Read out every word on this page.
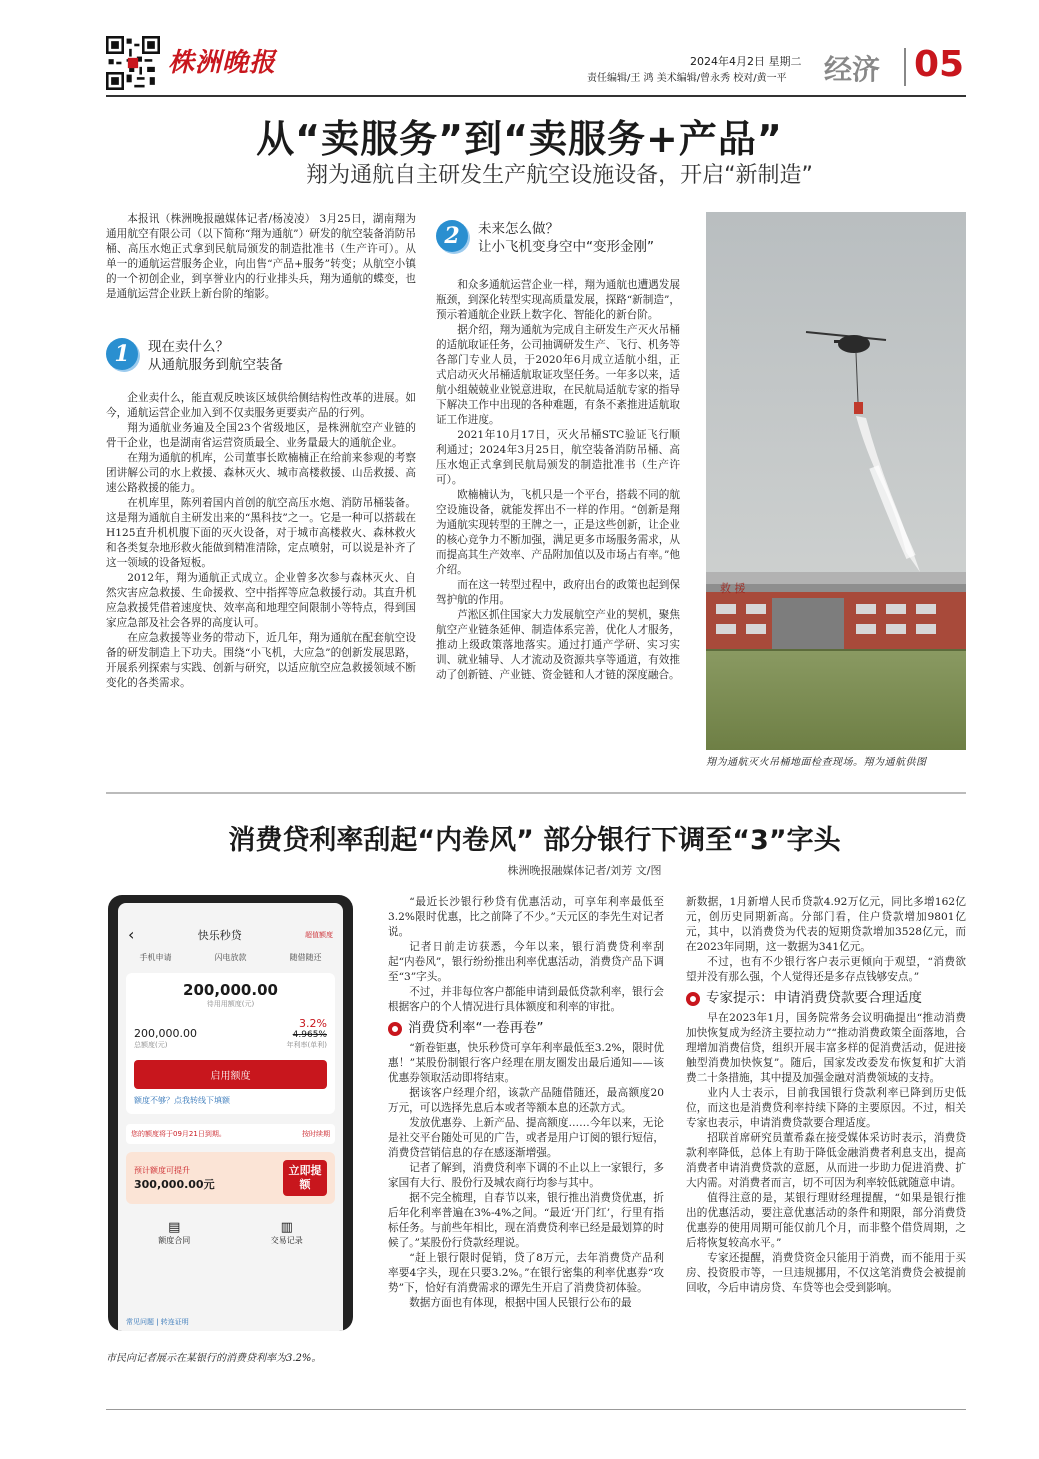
株洲晚报	2024年4月2日 星期二
责任编辑/王 鸿 美术编辑/曾永秀 校对/黄一平 经济 05
从“卖服务”到“卖服务+产品”
翔为通航自主研发生产航空设施设备，开启“新制造”

本报讯（株洲晚报融媒体记者/杨凌凌） 3月25日，湖南翔为通用航空有限公司（以下简称“翔为通航”）研发的航空装备消防吊桶、高压水炮正式拿到民航局颁发的制造批准书（生产许可）。从单一的通航运营服务企业，向出售“产品+服务”转变；从航空小镇的一个初创企业，到享誉业内的行业排头兵，翔为通航的蝶变，也是通航运营企业跃上新台阶的缩影。

1	现在卖什么？
从通航服务到航空装备

企业卖什么，能直观反映该区域供给侧结构性改革的进展。如今，通航运营企业加入到不仅卖服务更要卖产品的行列。

翔为通航业务遍及全国23个省级地区，是株洲航空产业链的骨干企业，也是湖南省运营资质最全、业务量最大的通航企业。

在翔为通航的机库，公司董事长欧楠楠正在给前来参观的考察团讲解公司的水上救援、森林灭火、城市高楼救援、山岳救援、高速公路救援的能力。

在机库里，陈列着国内首创的航空高压水炮、消防吊桶装备。这是翔为通航自主研发出来的“黑科技”之一。它是一种可以搭载在H125直升机机腹下面的灭火设备，对于城市高楼救火、森林救火和各类复杂地形救火能做到精准清除，定点喷射，可以说是补齐了这一领域的设备短板。

2012年，翔为通航正式成立。企业曾多次参与森林灭火、自然灾害应急救援、生命援救、空中指挥等应急救援行动。其直升机应急救援凭借着速度快、效率高和地理空间限制小等特点，得到国家应急部及社会各界的高度认可。

在应急救援等业务的带动下，近几年，翔为通航在配套航空设备的研发制造上下功夫。围绕“小飞机，大应急”的创新发展思路，开展系列探索与实践、创新与研究，以适应航空应急救援领域不断变化的各类需求。

2	未来怎么做？
让小飞机变身空中“变形金刚”

和众多通航运营企业一样，翔为通航也遭遇发展瓶颈，到深化转型实现高质量发展，探路“新制造”，预示着通航企业跃上数字化、智能化的新台阶。

据介绍，翔为通航为完成自主研发生产灭火吊桶的适航取证任务，公司抽调研发生产、飞行、机务等各部门专业人员，于2020年6月成立适航小组，正式启动灭火吊桶适航取证攻坚任务。一年多以来，适航小组兢兢业业锐意进取，在民航局适航专家的指导下解决工作中出现的各种难题，有条不紊推进适航取证工作进度。

2021年10月17日，灭火吊桶STC验证飞行顺利通过；2024年3月25日，航空装备消防吊桶、高压水炮正式拿到民航局颁发的制造批准书（生产许可）。

欧楠楠认为，飞机只是一个平台，搭载不同的航空设施设备，就能发挥出不一样的作用。“创新是翔为通航实现转型的王牌之一，正是这些创新，让企业的核心竞争力不断加强，满足更多市场服务需求，从而提高其生产效率、产品附加值以及市场占有率。”他介绍。

而在这一转型过程中，政府出台的政策也起到保驾护航的作用。

芦淞区抓住国家大力发展航空产业的契机，聚焦航空产业链条延伸、制造体系完善，优化人才服务，推动上级政策落地落实。通过打通产学研、实习实训、就业辅导、人才流动及资源共享等通道，有效推动了创新链、产业链、资金链和人才链的深度融合。

救 援
翔为通航灭火吊桶地面检查现场。翔为通航供图
消费贷利率刮起“内卷风” 部分银行下调至“3”字头
株洲晚报融媒体记者/刘芳 文/图
‹	快乐秒贷	超值额度
手机申请	闪电放款	随借随还
200,000.00
待用用额度(元)
200,000.00
总额度(元)
3.2%
4.965%
年利率(单利)
启用额度
额度不够？点我转线下填额
您的额度将于09月21日到期。	按时续期
预计额度可提升
300,000.00元
立即提额
▤
额度合同
▥
交易记录
常见问题 | 转连证明
市民向记者展示在某银行的消费贷利率为3.2%。

“最近长沙银行秒贷有优惠活动，可享年利率最低至3.2%限时优惠，比之前降了不少。”天元区的李先生对记者说。

记者日前走访获悉，今年以来，银行消费贷利率刮起“内卷风”，银行纷纷推出利率优惠活动，消费贷产品下调至“3”字头。

不过，并非每位客户都能申请到最低贷款利率，银行会根据客户的个人情况进行具体额度和利率的审批。

消费贷利率“一卷再卷”

“新卷钜惠，快乐秒贷可享年利率最低至3.2%，限时优惠！”某股份制银行客户经理在朋友圈发出最后通知——该优惠券领取活动即将结束。

据该客户经理介绍，该款产品随借随还，最高额度20万元，可以选择先息后本或者等额本息的还款方式。

发放优惠券、上新产品、提高额度……今年以来，无论是社交平台随处可见的广告，或者是用户订阅的银行短信，消费贷营销信息的存在感逐渐增强。

记者了解到，消费贷利率下调的不止以上一家银行，多家国有大行、股份行及城农商行均参与其中。

据不完全梳理，自春节以来，银行推出消费贷优惠，折后年化利率普遍在3%-4%之间。“最近‘开门红’，行里有指标任务。与前些年相比，现在消费贷利率已经是最划算的时候了。”某股份行贷款经理说。

“赶上银行限时促销，贷了8万元，去年消费贷产品利率要4字头，现在只要3.2%。”在银行密集的利率优惠券“攻势”下，恰好有消费需求的谭先生开启了消费贷初体验。

数据方面也有体现，根据中国人民银行公布的最

新数据，1月新增人民币贷款4.92万亿元，同比多增162亿元，创历史同期新高。分部门看，住户贷款增加9801亿元，其中，以消费贷为代表的短期贷款增加3528亿元，而在2023年同期，这一数据为341亿元。

不过，也有不少银行客户表示更倾向于观望，“消费欲望并没有那么强，个人觉得还是多存点钱够安点。”

专家提示：申请消费贷款要合理适度

早在2023年1月，国务院常务会议明确提出“推动消费加快恢复成为经济主要拉动力”“推动消费政策全面落地，合理增加消费信贷，组织开展丰富多样的促消费活动，促进接触型消费加快恢复”。随后，国家发改委发布恢复和扩大消费二十条措施，其中提及加强金融对消费领域的支持。

业内人士表示，目前我国银行贷款利率已降到历史低位，而这也是消费贷利率持续下降的主要原因。不过，相关专家也表示，申请消费贷款要合理适度。

招联首席研究员董希淼在接受媒体采访时表示，消费贷款利率降低，总体上有助于降低金融消费者利息支出，提高消费者申请消费贷款的意愿，从而进一步助力促进消费、扩大内需。对消费者而言，切不可因为利率较低就随意申请。

值得注意的是，某银行理财经理提醒，“如果是银行推出的优惠活动，要注意优惠活动的条件和期限，部分消费贷优惠券的使用周期可能仅前几个月，而非整个借贷周期，之后将恢复较高水平。”

专家还提醒，消费贷资金只能用于消费，而不能用于买房、投资股市等，一旦违规挪用，不仅这笔消费贷会被提前回收，今后申请房贷、车贷等也会受到影响。
